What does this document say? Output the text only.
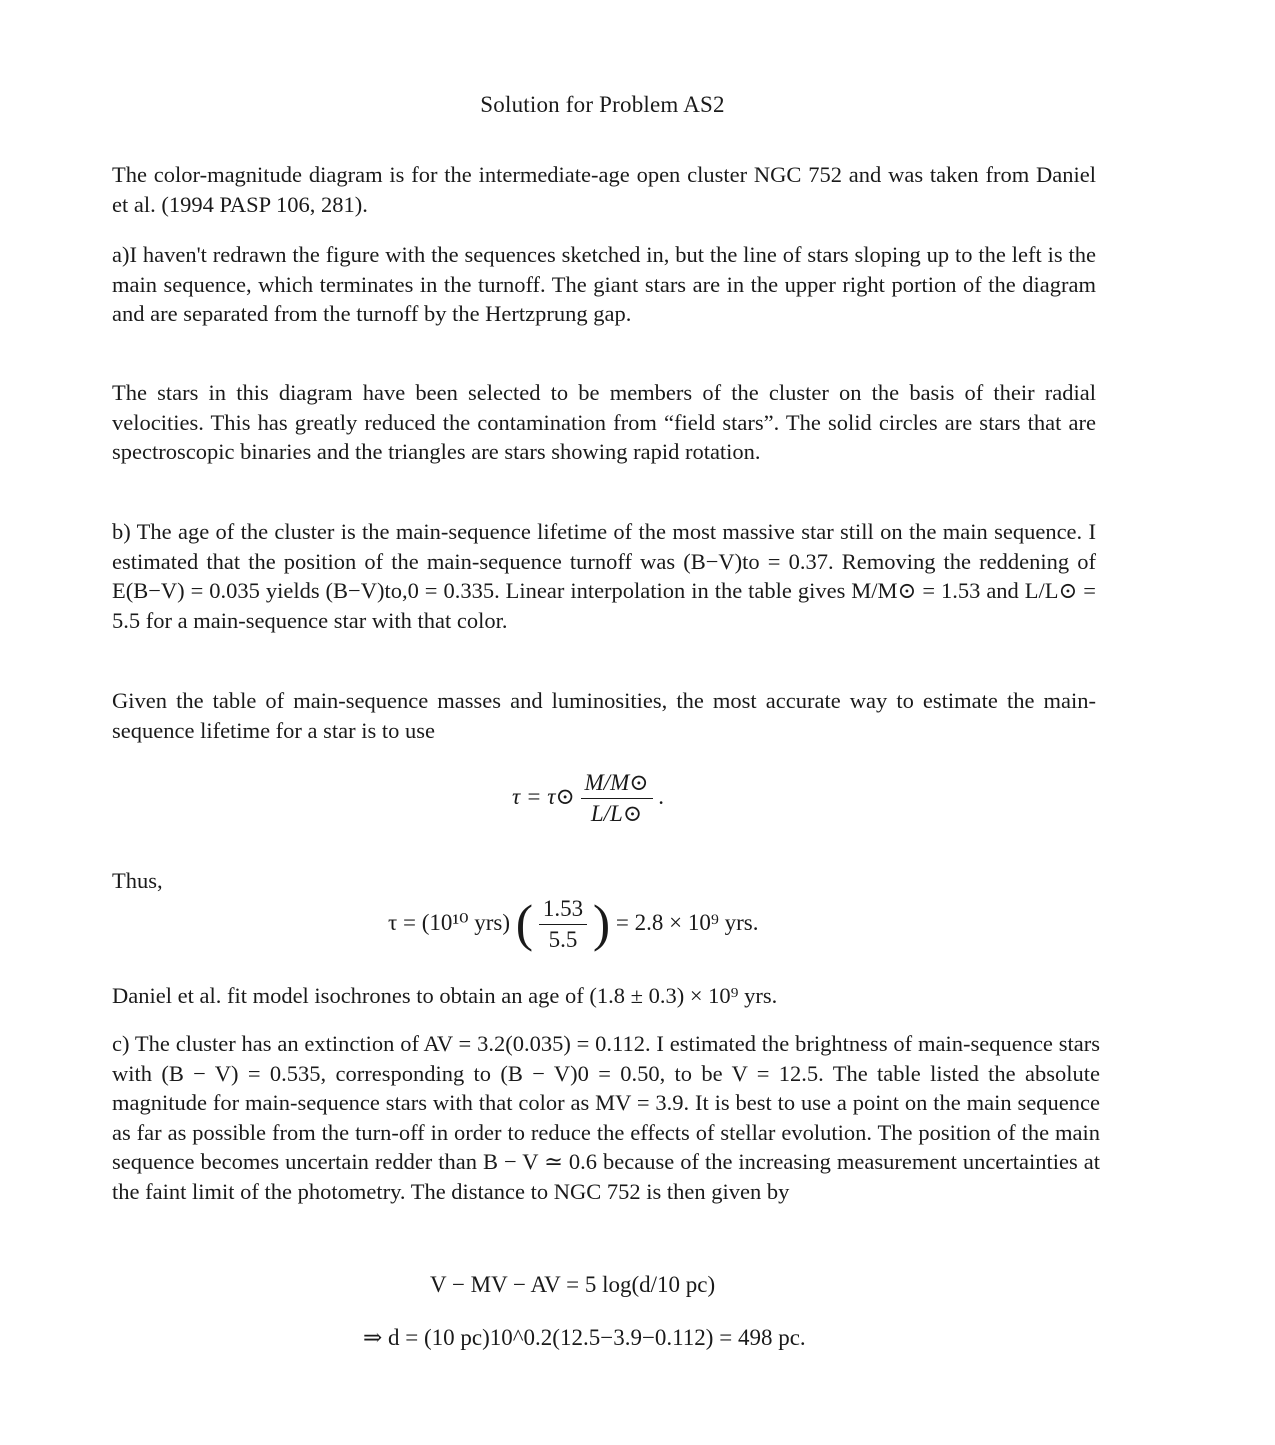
Solution for Problem AS2

The color-magnitude diagram is for the intermediate-age open cluster NGC 752 and was taken from Daniel et al. (1994 PASP 106, 281).

a)I haven't redrawn the figure with the sequences sketched in, but the line of stars sloping up to the left is the main sequence, which terminates in the turnoff. The giant stars are in the upper right portion of the diagram and are separated from the turnoff by the Hertzprung gap.

The stars in this diagram have been selected to be members of the cluster on the basis of their radial velocities. This has greatly reduced the contamination from “field stars”. The solid circles are stars that are spectroscopic binaries and the triangles are stars showing rapid rotation.

b) The age of the cluster is the main-sequence lifetime of the most massive star still on the main sequence. I estimated that the position of the main-sequence turnoff was (B−V)to = 0.37. Removing the reddening of E(B−V) = 0.035 yields (B−V)to,0 = 0.335. Linear interpolation in the table gives M/M⊙ = 1.53 and L/L⊙ = 5.5 for a main-sequence star with that color.

Given the table of main-sequence masses and luminosities, the most accurate way to estimate the main-sequence lifetime for a star is to use

τ = τ⊙ $\frac{M/M⊙}{L/L⊙}$ .

Thus,

τ = (10¹⁰ yrs) ( $\frac{1.53}{5.5}$ ) = 2.8 × 10⁹ yrs.

Daniel et al. fit model isochrones to obtain an age of (1.8 ± 0.3) × 10⁹ yrs.

c) The cluster has an extinction of AV = 3.2(0.035) = 0.112. I estimated the brightness of main-sequence stars with (B − V) = 0.535, corresponding to (B − V)0 = 0.50, to be V = 12.5. The table listed the absolute magnitude for main-sequence stars with that color as MV = 3.9. It is best to use a point on the main sequence as far as possible from the turn-off in order to reduce the effects of stellar evolution. The position of the main sequence becomes uncertain redder than B − V ≃ 0.6 because of the increasing measurement uncertainties at the faint limit of the photometry. The distance to NGC 752 is then given by

V − MV − AV = 5 log(d/10 pc)
⇒ d = (10 pc)10^0.2(12.5−3.9−0.112) = 498 pc.
